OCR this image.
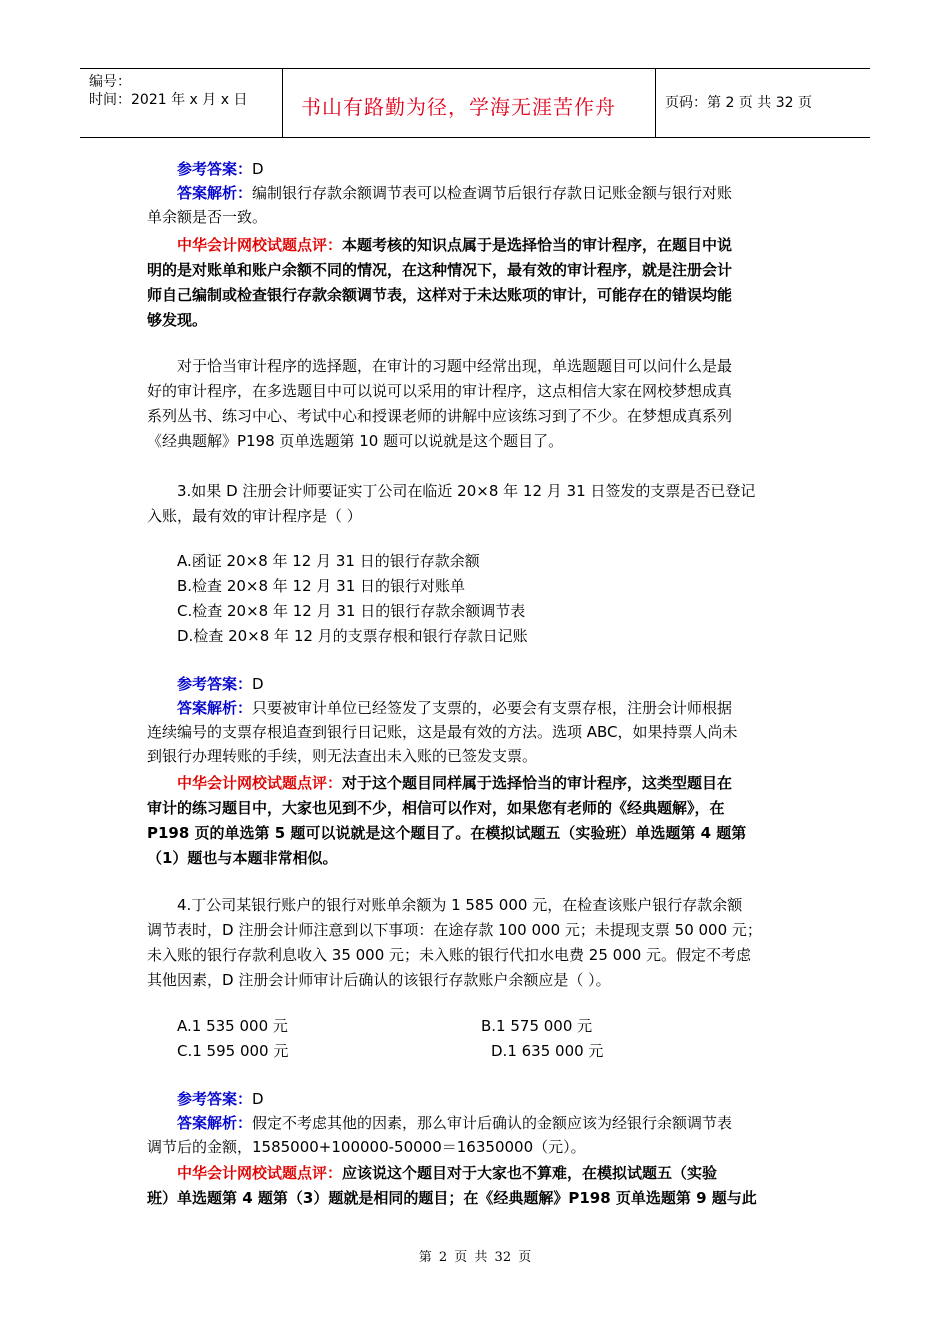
编号：
时间：2021 年 x 月 x 日	书山有路勤为径，学海无涯苦作舟	页码：第 2 页 共 32 页
参考答案：D
答案解析：编制银行存款余额调节表可以检查调节后银行存款日记账金额与银行对账
单余额是否一致。
中华会计网校试题点评：本题考核的知识点属于是选择恰当的审计程序，在题目中说
明的是对账单和账户余额不同的情况，在这种情况下，最有效的审计程序，就是注册会计
师自己编制或检查银行存款余额调节表，这样对于未达账项的审计，可能存在的错误均能
够发现。
对于恰当审计程序的选择题，在审计的习题中经常出现，单选题题目可以问什么是最
好的审计程序，在多选题目中可以说可以采用的审计程序，这点相信大家在网校梦想成真
系列丛书、练习中心、考试中心和授课老师的讲解中应该练习到了不少。在梦想成真系列
《经典题解》P198 页单选题第 10 题可以说就是这个题目了。
3.如果 D 注册会计师要证实丁公司在临近 20×8 年 12 月 31 日签发的支票是否已登记
入账，最有效的审计程序是（ ）
A.函证 20×8 年 12 月 31 日的银行存款余额
B.检查 20×8 年 12 月 31 日的银行对账单
C.检查 20×8 年 12 月 31 日的银行存款余额调节表
D.检查 20×8 年 12 月的支票存根和银行存款日记账
参考答案：D
答案解析：只要被审计单位已经签发了支票的，必要会有支票存根，注册会计师根据
连续编号的支票存根追查到银行日记账，这是最有效的方法。选项 ABC，如果持票人尚未
到银行办理转账的手续，则无法查出未入账的已签发支票。
中华会计网校试题点评：对于这个题目同样属于选择恰当的审计程序，这类型题目在
审计的练习题目中，大家也见到不少，相信可以作对，如果您有老师的《经典题解》，在
P198 页的单选第 5 题可以说就是这个题目了。在模拟试题五（实验班）单选题第 4 题第
（1）题也与本题非常相似。
4.丁公司某银行账户的银行对账单余额为 1 585 000 元，在检查该账户银行存款余额
调节表时，D 注册会计师注意到以下事项：在途存款 100 000 元；未提现支票 50 000 元；
未入账的银行存款利息收入 35 000 元；未入账的银行代扣水电费 25 000 元。假定不考虑
其他因素，D 注册会计师审计后确认的该银行存款账户余额应是（ ）。
A.1 535 000 元	B.1 575 000 元
C.1 595 000 元	D.1 635 000 元
参考答案：D
答案解析：假定不考虑其他的因素，那么审计后确认的金额应该为经银行余额调节表
调节后的金额，1585000+100000-50000＝16350000（元）。
中华会计网校试题点评：应该说这个题目对于大家也不算难，在模拟试题五（实验
班）单选题第 4 题第（3）题就是相同的题目；在《经典题解》P198 页单选题第 9 题与此
第 2 页 共 32 页
